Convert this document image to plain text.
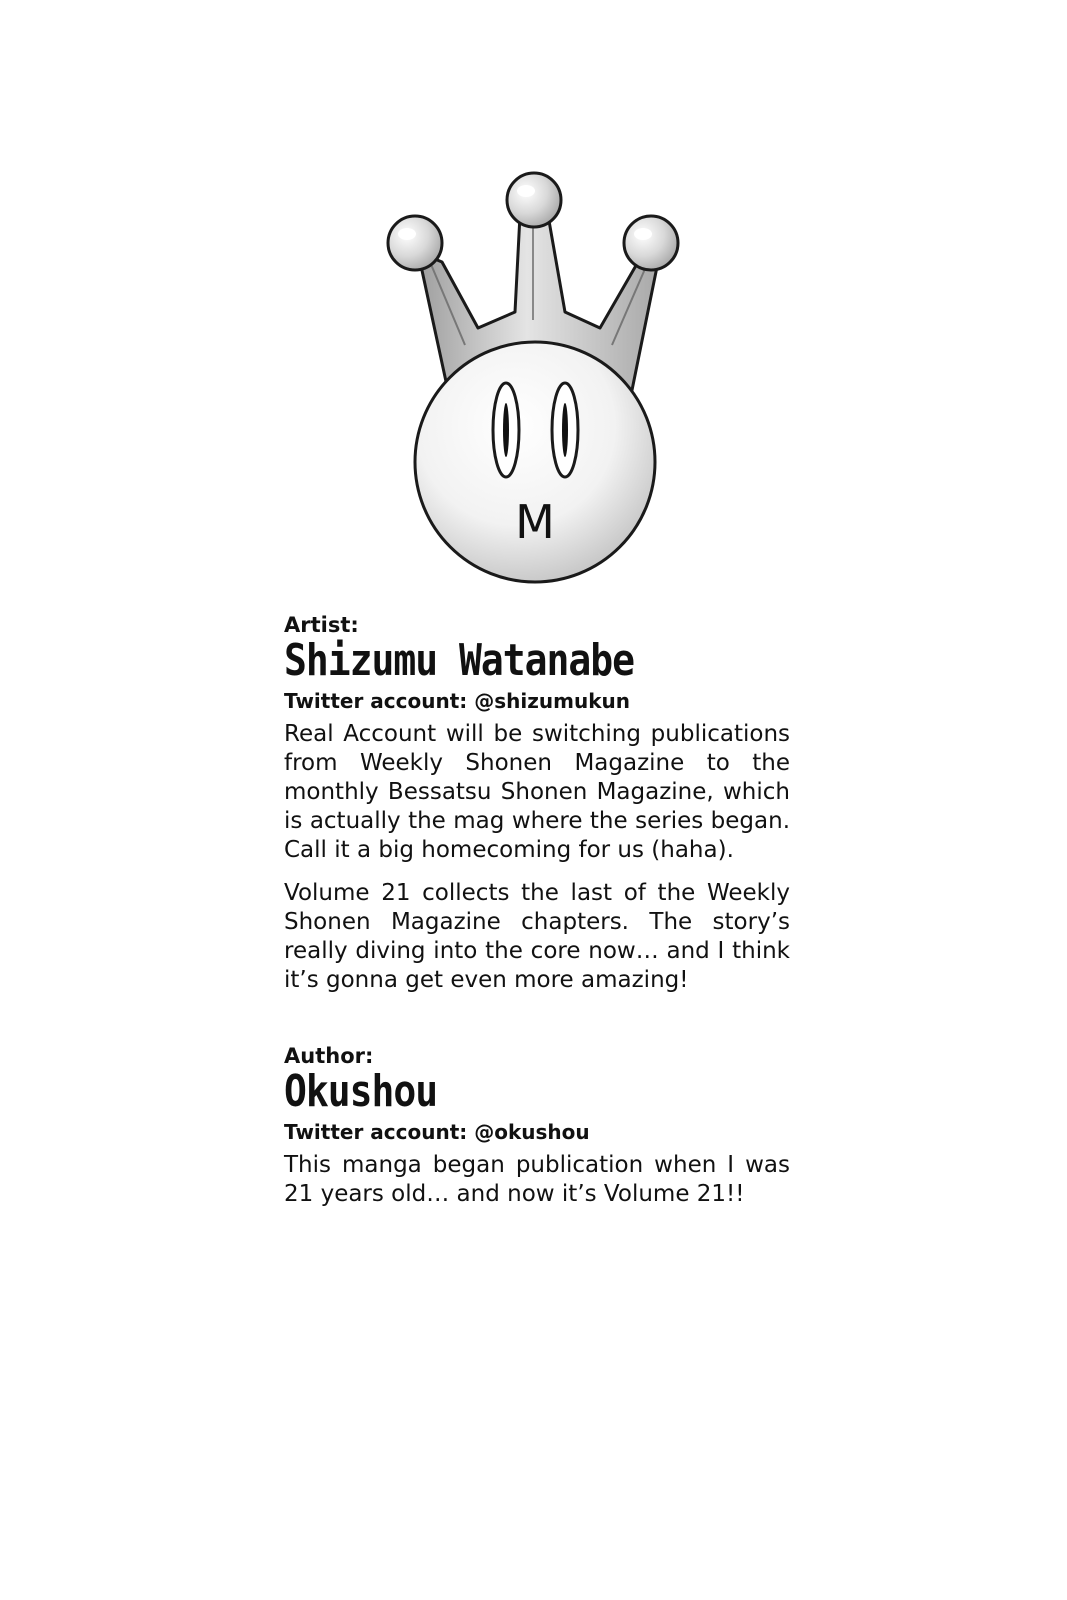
M

Artist:

Shizumu Watanabe

Twitter account: @shizumukun

Real Account will be switching publications from Weekly Shonen Magazine to the monthly Bessatsu Shonen Magazine, which is actually the mag where the series began. Call it a big homecoming for us (haha).

Volume 21 collects the last of the Weekly Shonen Magazine chapters. The story’s really diving into the core now… and I think it’s gonna get even more amazing!

Author:

Okushou

Twitter account: @okushou

This manga began publication when I was 21 years old… and now it’s Volume 21!!
